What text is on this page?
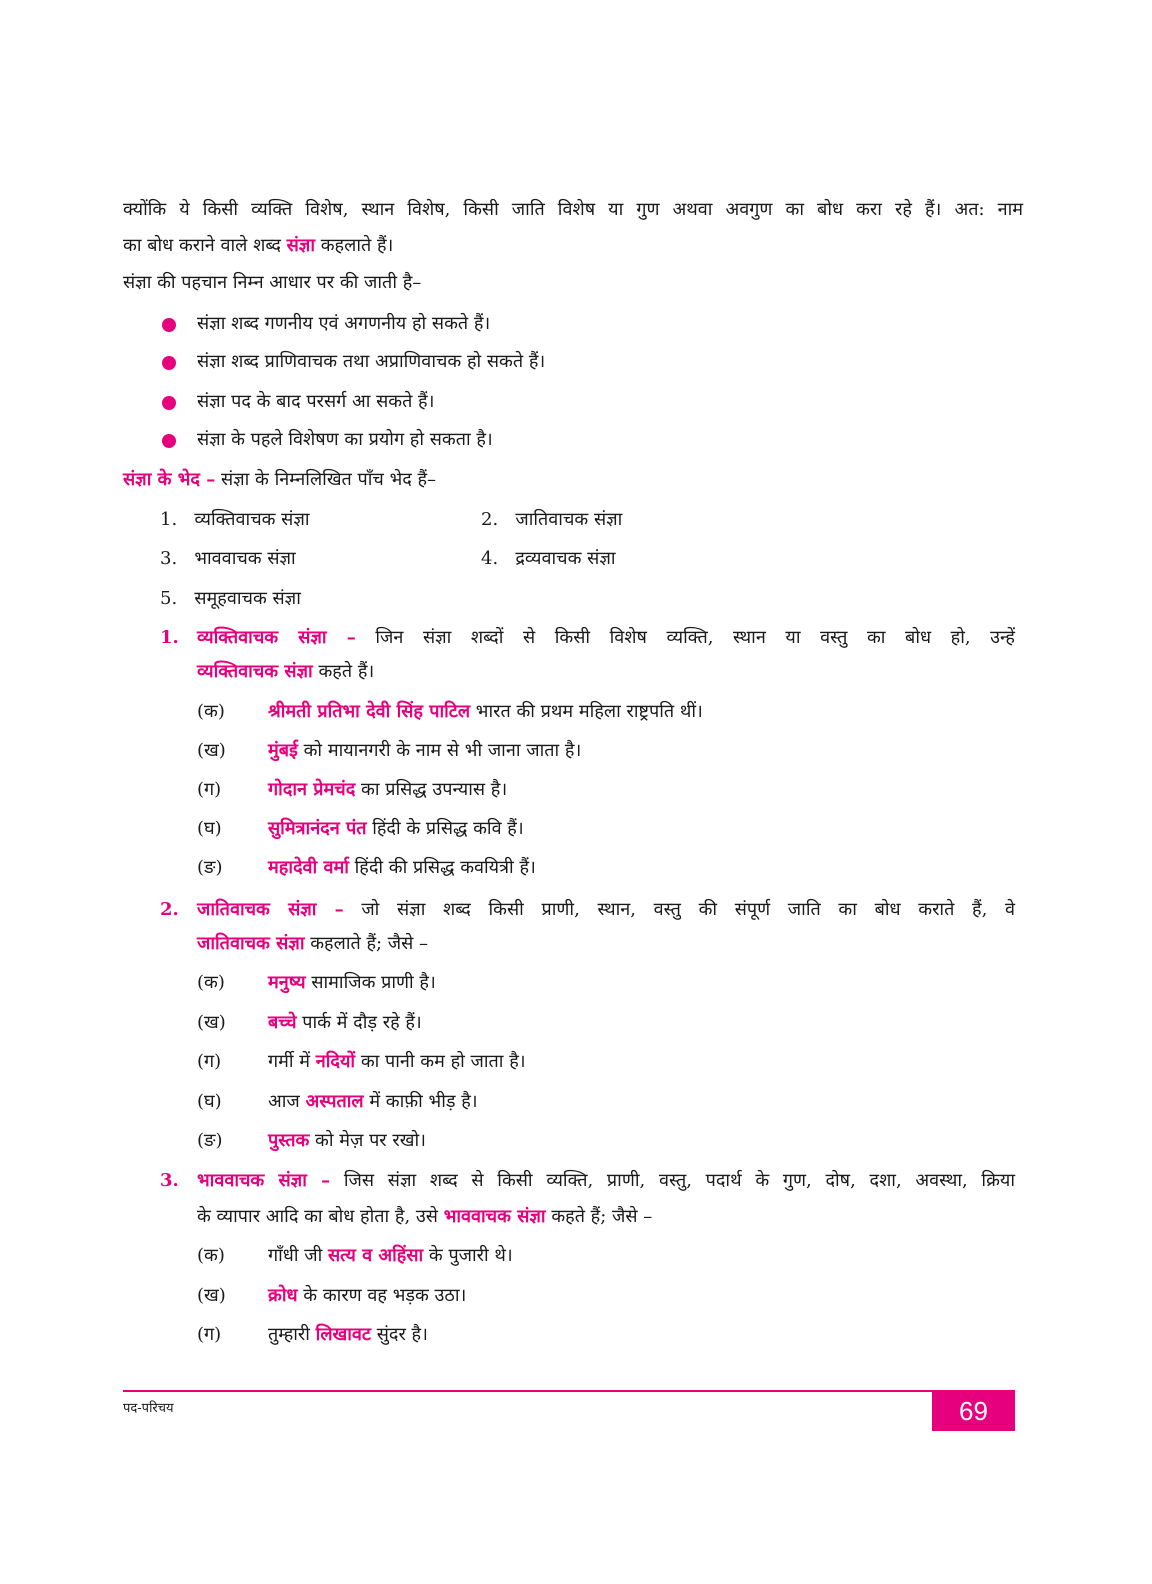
क्योंकि ये किसी व्यक्ति विशेष, स्थान विशेष, किसी जाति विशेष या गुण अथवा अवगुण का बोध करा रहे हैं। अत: नाम
का बोध कराने वाले शब्द संज्ञा कहलाते हैं।
संज्ञा की पहचान निम्न आधार पर की जाती है–
संज्ञा शब्द गणनीय एवं अगणनीय हो सकते हैं।
संज्ञा शब्द प्राणिवाचक तथा अप्राणिवाचक हो सकते हैं।
संज्ञा पद के बाद परसर्ग आ सकते हैं।
संज्ञा के पहले विशेषण का प्रयोग हो सकता है।
संज्ञा के भेद – संज्ञा के निम्नलिखित पाँच भेद हैं–
1. व्यक्तिवाचक संज्ञा	2. जातिवाचक संज्ञा
3. भाववाचक संज्ञा	4. द्रव्यवाचक संज्ञा
5. समूहवाचक संज्ञा
1. व्यक्तिवाचक संज्ञा – जिन संज्ञा शब्दों से किसी विशेष व्यक्ति, स्थान या वस्तु का बोध हो, उन्हें
व्यक्तिवाचक संज्ञा कहते हैं।
(क) श्रीमती प्रतिभा देवी सिंह पाटिल भारत की प्रथम महिला राष्ट्रपति थीं।
(ख) मुंबई को मायानगरी के नाम से भी जाना जाता है।
(ग)	गोदान प्रेमचंद का प्रसिद्ध उपन्यास है।
(घ)	सुमित्रानंदन पंत हिंदी के प्रसिद्ध कवि हैं।
(ङ)	महादेवी वर्मा हिंदी की प्रसिद्ध कवयित्री हैं।
2. जातिवाचक संज्ञा – जो संज्ञा शब्द किसी प्राणी, स्थान, वस्तु की संपूर्ण जाति का बोध कराते हैं, वे
जातिवाचक संज्ञा कहलाते हैं; जैसे –
(क) मनुष्य सामाजिक प्राणी है।
(ख) बच्चे पार्क में दौड़ रहे हैं।
(ग)	गर्मी में नदियों का पानी कम हो जाता है।
(घ)	आज अस्पताल में काफ़ी भीड़ है।
(ङ)	पुस्तक को मेज़ पर रखो।
3. भाववाचक संज्ञा – जिस संज्ञा शब्द से किसी व्यक्ति, प्राणी, वस्तु, पदार्थ के गुण, दोष, दशा, अवस्था, क्रिया
के व्यापार आदि का बोध होता है, उसे भाववाचक संज्ञा कहते हैं; जैसे –
(क) गाँधी जी सत्य व अहिंसा के पुजारी थे।
(ख) क्रोध के कारण वह भड़क उठा।
(ग)	तुम्हारी लिखावट सुंदर है।
पद-परिचय	69
